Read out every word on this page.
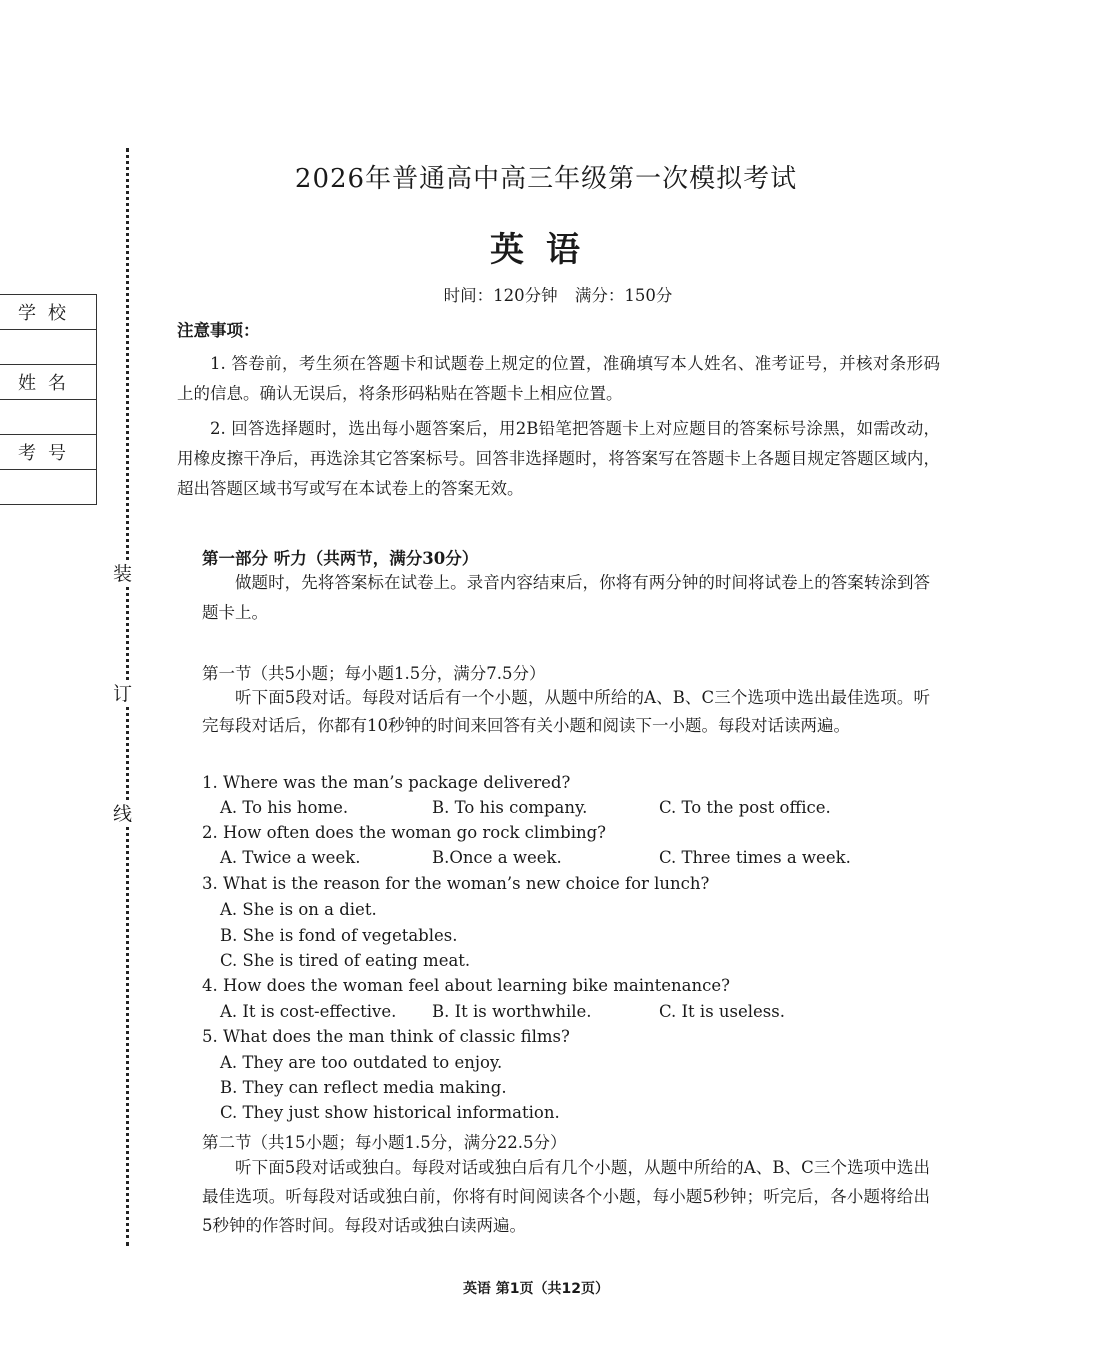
装
订
线
学校

姓名

考号

2026年普通高中高三年级第一次模拟考试
英语
时间：120分钟 满分：150分
注意事项：
1. 答卷前，考生须在答题卡和试题卷上规定的位置，准确填写本人姓名、准考证号，并核对条形码上的信息。确认无误后，将条形码粘贴在答题卡上相应位置。
2. 回答选择题时，选出每小题答案后，用2B铅笔把答题卡上对应题目的答案标号涂黑，如需改动，用橡皮擦干净后，再选涂其它答案标号。回答非选择题时，将答案写在答题卡上各题目规定答题区域内，超出答题区域书写或写在本试卷上的答案无效。
第一部分 听力（共两节，满分30分）
做题时，先将答案标在试卷上。录音内容结束后，你将有两分钟的时间将试卷上的答案转涂到答题卡上。
第一节（共5小题；每小题1.5分，满分7.5分）
听下面5段对话。每段对话后有一个小题，从题中所给的A、B、C三个选项中选出最佳选项。听完每段对话后，你都有10秒钟的时间来回答有关小题和阅读下一小题。每段对话读两遍。
1. Where was the man’s package delivered?
A. To his home.	B. To his company.	C. To the post office.
2. How often does the woman go rock climbing?
A. Twice a week.	B.Once a week.	C. Three times a week.
3. What is the reason for the woman’s new choice for lunch?
A. She is on a diet.
B. She is fond of vegetables.
C. She is tired of eating meat.
4. How does the woman feel about learning bike maintenance?
A. It is cost-effective. B. It is worthwhile.	C. It is useless.
5. What does the man think of classic films?
A. They are too outdated to enjoy.
B. They can reflect media making.
C. They just show historical information.
第二节（共15小题；每小题1.5分，满分22.5分）
听下面5段对话或独白。每段对话或独白后有几个小题，从题中所给的A、B、C三个选项中选出最佳选项。听每段对话或独白前，你将有时间阅读各个小题，每小题5秒钟；听完后，各小题将给出5秒钟的作答时间。每段对话或独白读两遍。
英语 第1页（共12页）
